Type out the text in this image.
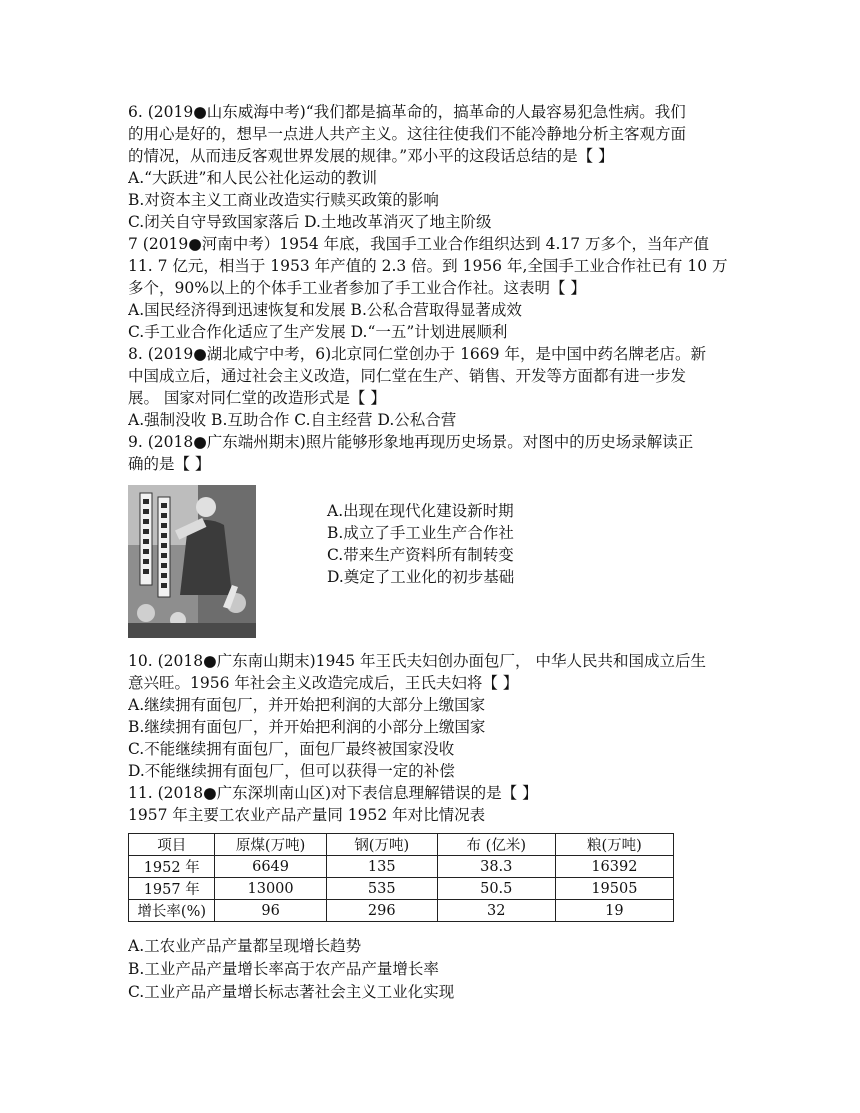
6. (2019●山东威海中考)“我们都是搞革命的，搞革命的人最容易犯急性病。我们
的用心是好的，想早一点进人共产主义。这往往使我们不能冷静地分析主客观方面
的情况，从而违反客观世界发展的规律。”邓小平的这段话总结的是【 】
A.“大跃进”和人民公社化运动的教训
B.对资本主义工商业改造实行赎买政策的影响
C.闭关自守导致国家落后 D.土地改革消灭了地主阶级
7 (2019●河南中考）1954 年底，我国手工业合作组织达到 4.17 万多个，当年产值
11. 7 亿元，相当于 1953 年产值的 2.3 倍。到 1956 年,全国手工业合作社已有 10 万
多个，90%以上的个体手工业者参加了手工业合作社。这表明【 】
A.国民经济得到迅速恢复和发展 B.公私合营取得显著成效
C.手工业合作化适应了生产发展 D.“一五”计划进展顺利
8. (2019●湖北咸宁中考，6)北京同仁堂创办于 1669 年，是中国中药名牌老店。新
中国成立后，通过社会主义改造，同仁堂在生产、销售、开发等方面都有进一步发
展。 国家对同仁堂的改造形式是【 】
A.强制没收 B.互助合作 C.自主经营 D.公私合营
9. (2018●广东端州期末)照片能够形象地再现历史场景。对图中的历史场录解读正
确的是【 】
A.出现在现代化建设新时期
B.成立了手工业生产合作社
C.带来生产资料所有制转变
D.奠定了工业化的初步基础
10. (2018●广东南山期末)1945 年王氏夫妇创办面包厂， 中华人民共和国成立后生
意兴旺。1956 年社会主义改造完成后，王氏夫妇将【 】
A.继续拥有面包厂，并开始把利润的大部分上缴国家
B.继续拥有面包厂，并开始把利润的小部分上缴国家
C.不能继续拥有面包厂，面包厂最终被国家没收
D.不能继续拥有面包厂，但可以获得一定的补偿
11. (2018●广东深圳南山区)对下表信息理解错误的是【 】
1957 年主要工农业产品产量同 1952 年对比情况表
项目	原煤(万吨)	钢(万吨)	布 (亿米)	粮(万吨)
1952 年	6649	135	38.3	16392
1957 年	13000	535	50.5	19505
增长率(%)	96	296	32	19
A.工农业产品产量都呈现增长趋势
B.工业产品产量增长率高于农产品产量增长率
C.工业产品产量增长标志著社会主义工业化实现
